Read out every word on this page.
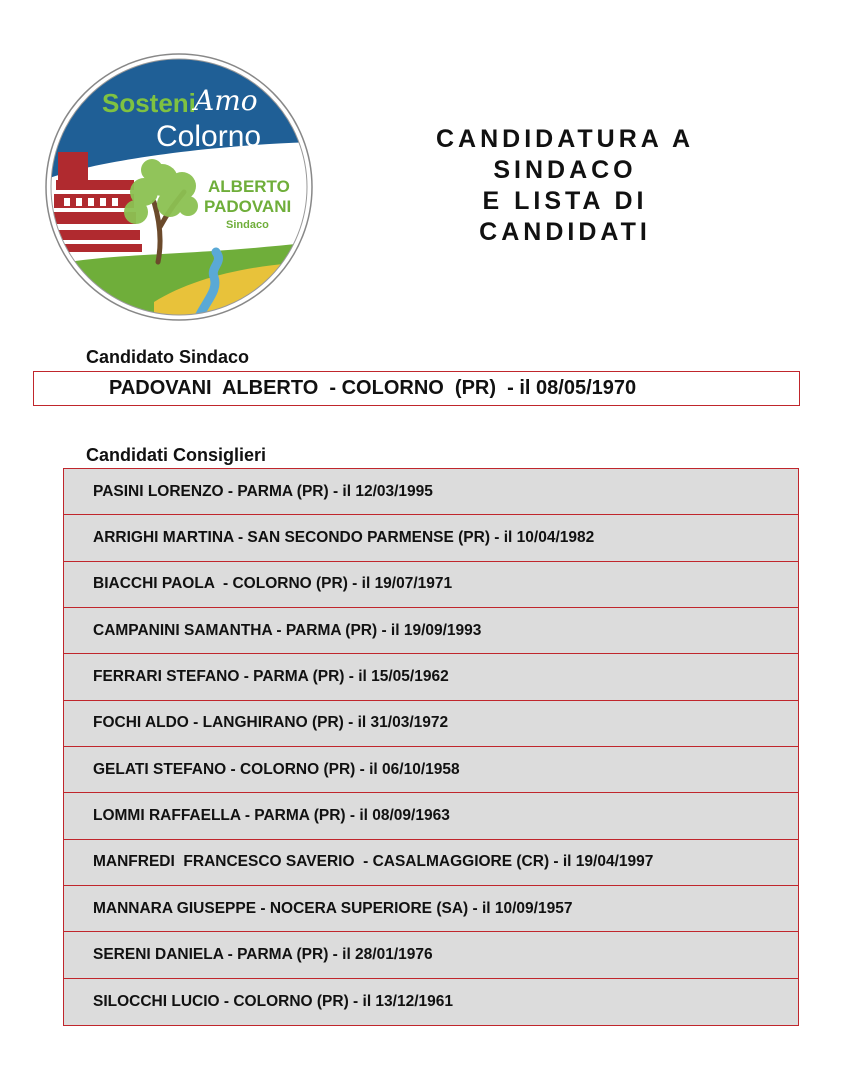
Sosteni
Amo
Colorno
ALBERTO
PADOVANI
Sindaco
CANDIDATURA A
SINDACO
E LISTA DI
CANDIDATI
Candidato Sindaco
PADOVANI  ALBERTO  - COLORNO  (PR)  - il 08/05/1970
Candidati Consiglieri
PASINI LORENZO - PARMA (PR) - il 12/03/1995
ARRIGHI MARTINA - SAN SECONDO PARMENSE (PR) - il 10/04/1982
BIACCHI PAOLA  - COLORNO (PR) - il 19/07/1971
CAMPANINI SAMANTHA - PARMA (PR) - il 19/09/1993
FERRARI STEFANO - PARMA (PR) - il 15/05/1962
FOCHI ALDO - LANGHIRANO (PR) - il 31/03/1972
GELATI STEFANO - COLORNO (PR) - il 06/10/1958
LOMMI RAFFAELLA - PARMA (PR) - il 08/09/1963
MANFREDI  FRANCESCO SAVERIO  - CASALMAGGIORE (CR) - il 19/04/1997
MANNARA GIUSEPPE - NOCERA SUPERIORE (SA) - il 10/09/1957
SERENI DANIELA - PARMA (PR) - il 28/01/1976
SILOCCHI LUCIO - COLORNO (PR) - il 13/12/1961
